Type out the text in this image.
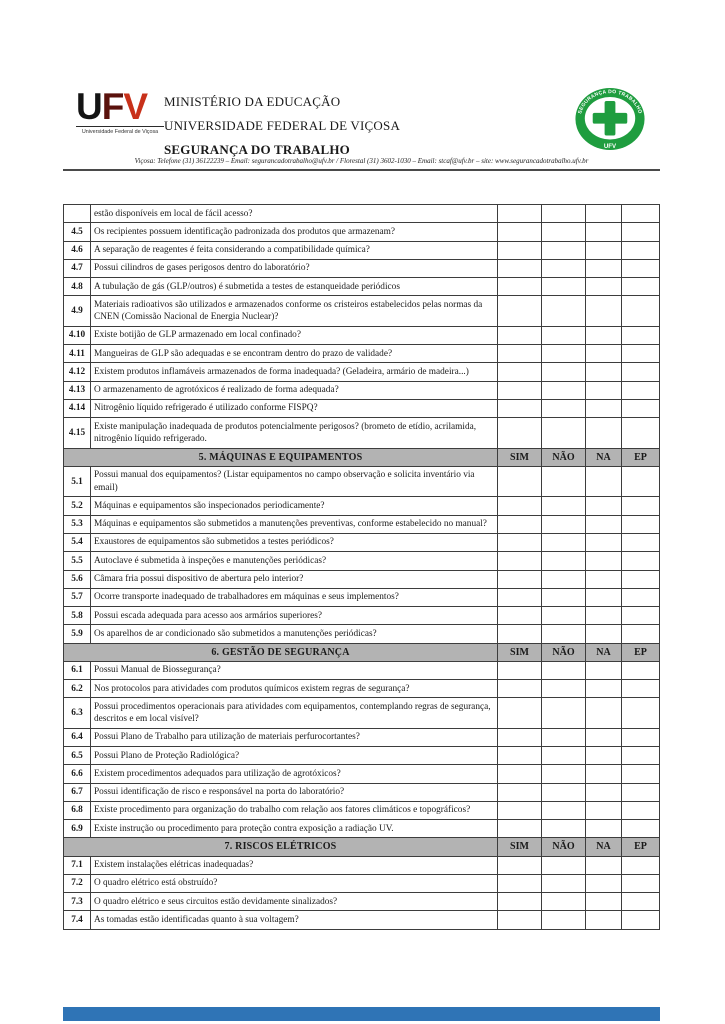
UFV
Universidade Federal de Viçosa
MINISTÉRIO DA EDUCAÇÃO
UNIVERSIDADE FEDERAL DE VIÇOSA
SEGURANÇA DO TRABALHO
SEGURANÇA DO TRABALHO
UFV
Viçosa: Telefone (31) 36122239 – Email: segurancadotrabalho@ufv.br / Florestal (31) 3602-1030 – Email: stcaf@ufv.br – site: www.segurancadotrabalho.ufv.br
	estão disponíveis em local de fácil acesso?				
4.5	Os recipientes possuem identificação padronizada dos produtos que armazenam?				
4.6	A separação de reagentes é feita considerando a compatibilidade química?				
4.7	Possui cilindros de gases perigosos dentro do laboratório?				
4.8	A tubulação de gás (GLP/outros) é submetida a testes de estanqueidade periódicos				
4.9	Materiais radioativos são utilizados e armazenados conforme os cristeiros estabelecidos pelas normas da CNEN (Comissão Nacional de Energia Nuclear)?				
4.10	Existe botijão de GLP armazenado em local confinado?				
4.11	Mangueiras de GLP são adequadas e se encontram dentro do prazo de validade?				
4.12	Existem produtos inflamáveis armazenados de forma inadequada? (Geladeira, armário de madeira...)				
4.13	O armazenamento de agrotóxicos é realizado de forma adequada?				
4.14	Nitrogênio líquido refrigerado é utilizado conforme FISPQ?				
4.15	Existe manipulação inadequada de produtos potencialmente perigosos? (brometo de etídio, acrilamida, nitrogênio líquido refrigerado.				
5. MÁQUINAS E EQUIPAMENTOS		SIM	NÃO	NA	EP
5.1	Possui manual dos equipamentos? (Listar equipamentos no campo observação e solicita inventário via email)				
5.2	Máquinas e equipamentos são inspecionados periodicamente?				
5.3	Máquinas e equipamentos são submetidos a manutenções preventivas, conforme estabelecido no manual?				
5.4	Exaustores de equipamentos são submetidos a testes periódicos?				
5.5	Autoclave é submetida à inspeções e manutenções periódicas?				
5.6	Câmara fria possui dispositivo de abertura pelo interior?				
5.7	Ocorre transporte inadequado de trabalhadores em máquinas e seus implementos?				
5.8	Possui escada adequada para acesso aos armários superiores?				
5.9	Os aparelhos de ar condicionado são submetidos a manutenções periódicas?				
6. GESTÃO DE SEGURANÇA		SIM	NÃO	NA	EP
6.1	Possui Manual de Biossegurança?				
6.2	Nos protocolos para atividades com produtos químicos existem regras de segurança?				
6.3	Possui procedimentos operacionais para atividades com equipamentos, contemplando regras de segurança, descritos e em local visível?				
6.4	Possui Plano de Trabalho para utilização de materiais perfurocortantes?				
6.5	Possui Plano de Proteção Radiológica?				
6.6	Existem procedimentos adequados para utilização de agrotóxicos?				
6.7	Possui identificação de risco e responsável na porta do laboratório?				
6.8	Existe procedimento para organização do trabalho com relação aos fatores climáticos e topográficos?				
6.9	Existe instrução ou procedimento para proteção contra exposição a radiação UV.				
7. RISCOS ELÉTRICOS		SIM	NÃO	NA	EP
7.1	Existem instalações elétricas inadequadas?				
7.2	O quadro elétrico está obstruído?				
7.3	O quadro elétrico e seus circuitos estão devidamente sinalizados?				
7.4	As tomadas estão identificadas quanto à sua voltagem?				
